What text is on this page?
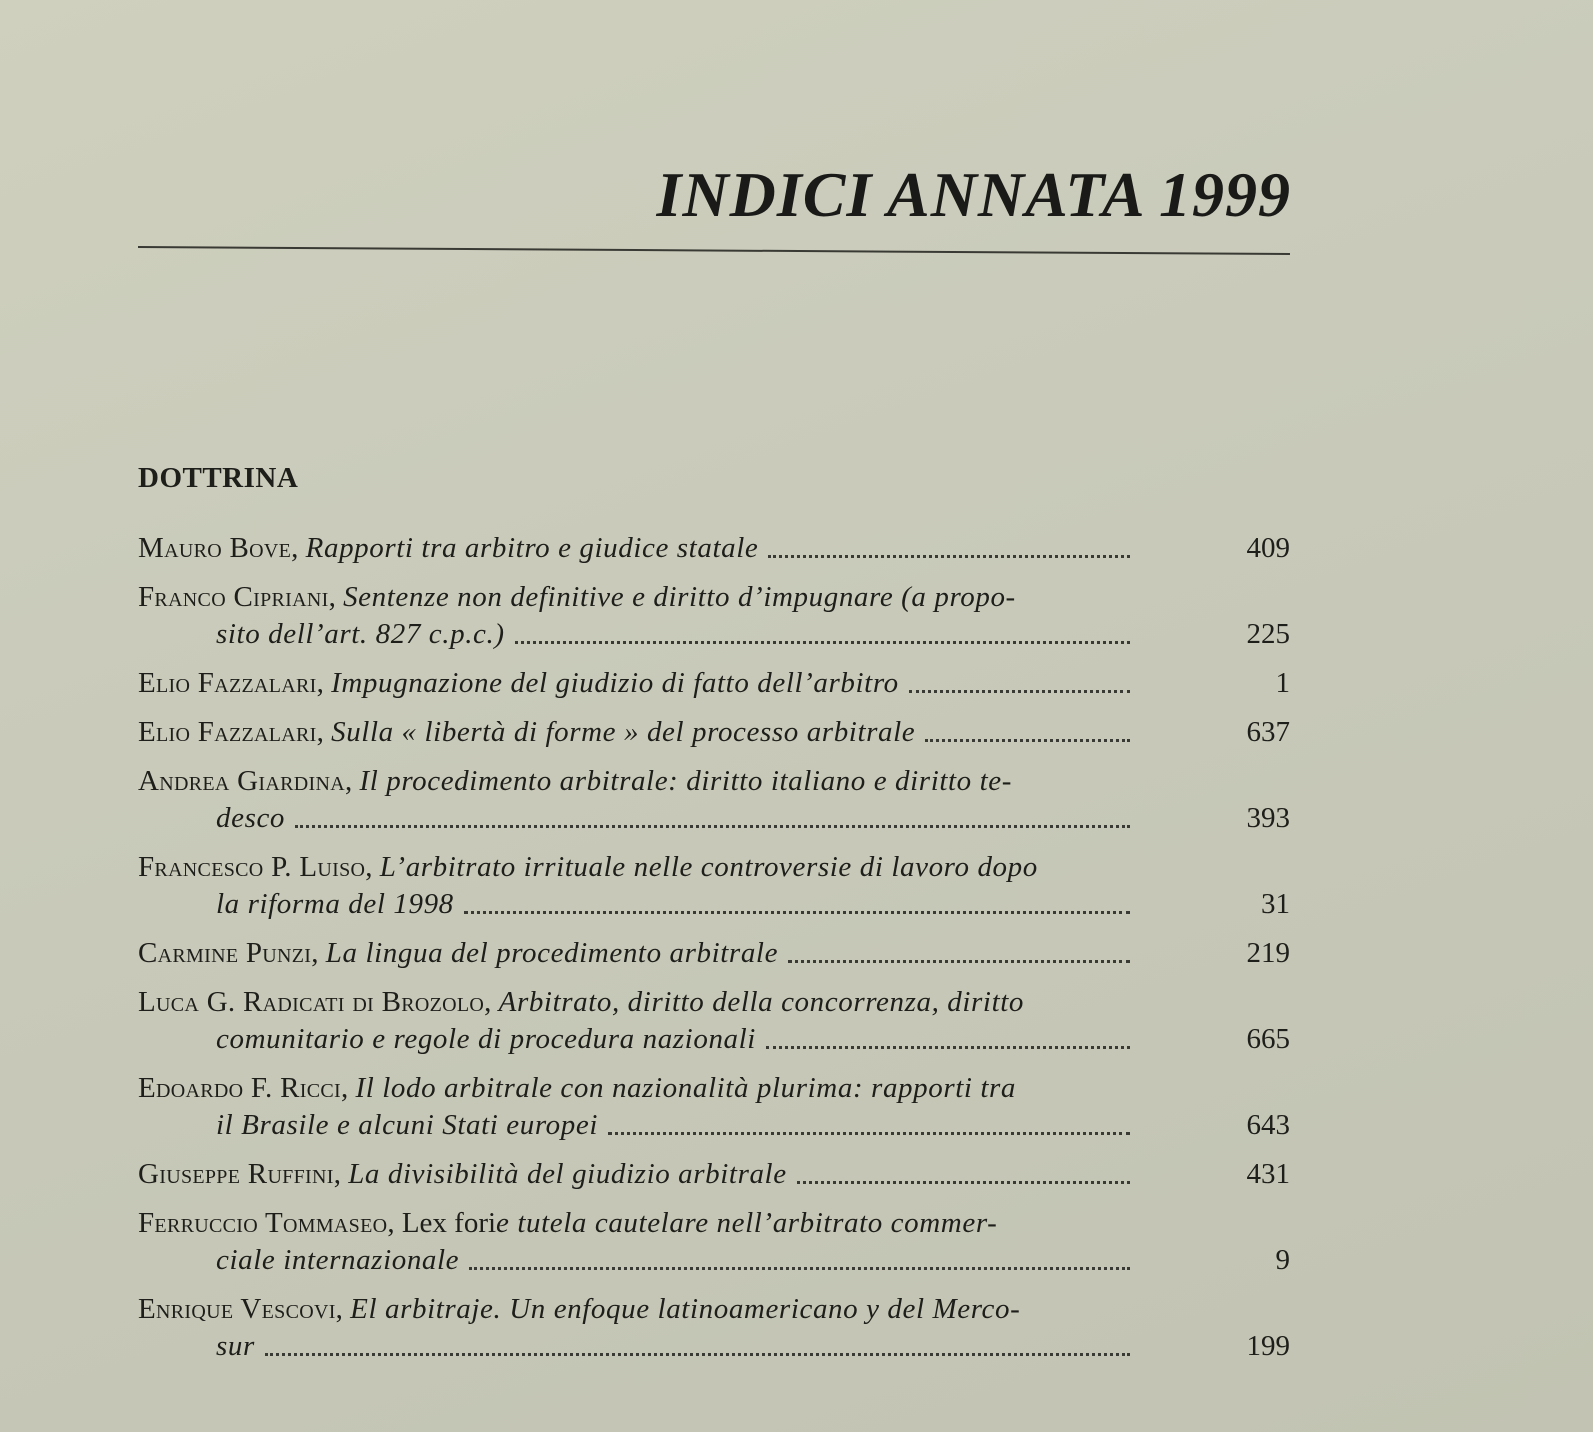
INDICI ANNATA 1999
DOTTRINA
Mauro Bove , Rapporti tra arbitro e giudice statale	409
Franco Cipriani , Sentenze non definitive e diritto d’impugnare (a propo-
sito dell’art. 827 c.p.c.)	225
Elio Fazzalari , Impugnazione del giudizio di fatto dell’arbitro	1
Elio Fazzalari , Sulla « libertà di forme » del processo arbitrale	637
Andrea Giardina , Il procedimento arbitrale: diritto italiano e diritto te-
desco	393
Francesco P. Luiso , L’arbitrato irrituale nelle controversie di lavoro dopo
la riforma del 1998	31
Carmine Punzi , La lingua del procedimento arbitrale	219
Luca G. Radicati di Brozolo , Arbitrato, diritto della concorrenza, diritto
comunitario e regole di procedura nazionali	665
Edoardo F. Ricci , Il lodo arbitrale con nazionalità plurima: rapporti tra
il Brasile e alcuni Stati europei	643
Giuseppe Ruffini , La divisibilità del giudizio arbitrale	431
Ferruccio Tommaseo , Lex fori e tutela cautelare nell’arbitrato commer-
ciale internazionale	9
Enrique Vescovi , El arbitraje. Un enfoque latinoamericano y del Merco-
sur	199
